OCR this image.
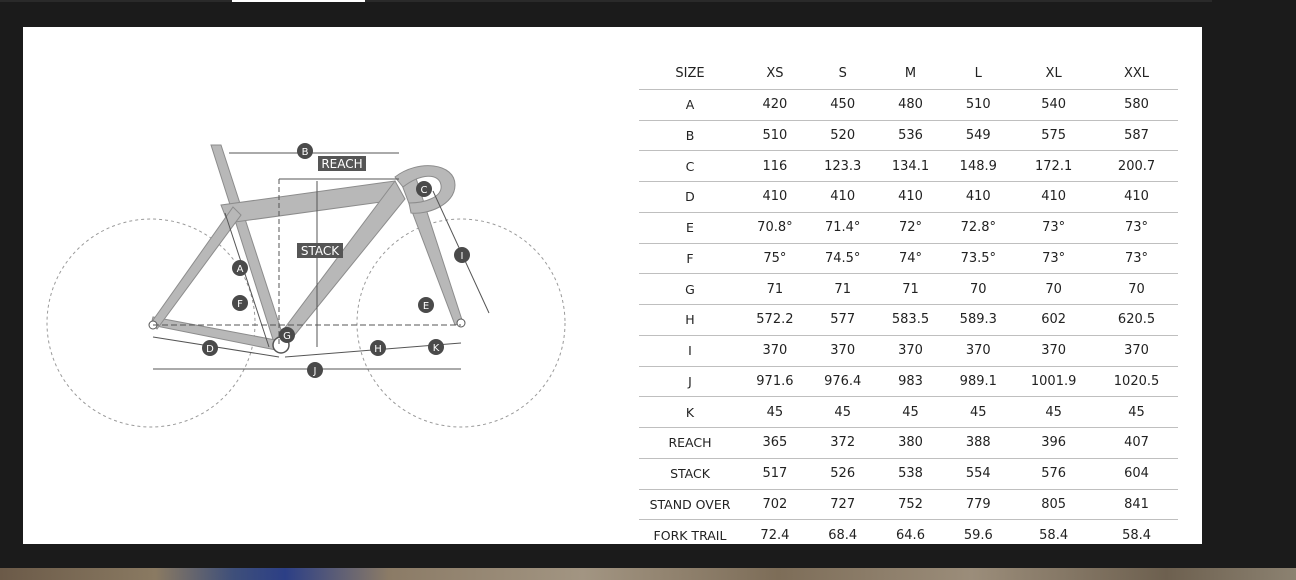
REACH
STACK
B
C
I
A
F	E
G
D	H	K
J
SIZE	XS	S	M	L	XL	XXL
A	420	450	480	510	540	580
B	510	520	536	549	575	587
C	116	123.3	134.1	148.9	172.1	200.7
D	410	410	410	410	410	410
E	70.8°	71.4°	72°	72.8°	73°	73°
F	75°	74.5°	74°	73.5°	73°	73°
G	71	71	71	70	70	70
H	572.2	577	583.5	589.3	602	620.5
I	370	370	370	370	370	370
J	971.6	976.4	983	989.1	1001.9	1020.5
K	45	45	45	45	45	45
REACH	365	372	380	388	396	407
STACK	517	526	538	554	576	604
STAND OVER	702	727	752	779	805	841
FORK TRAIL	72.4	68.4	64.6	59.6	58.4	58.4
